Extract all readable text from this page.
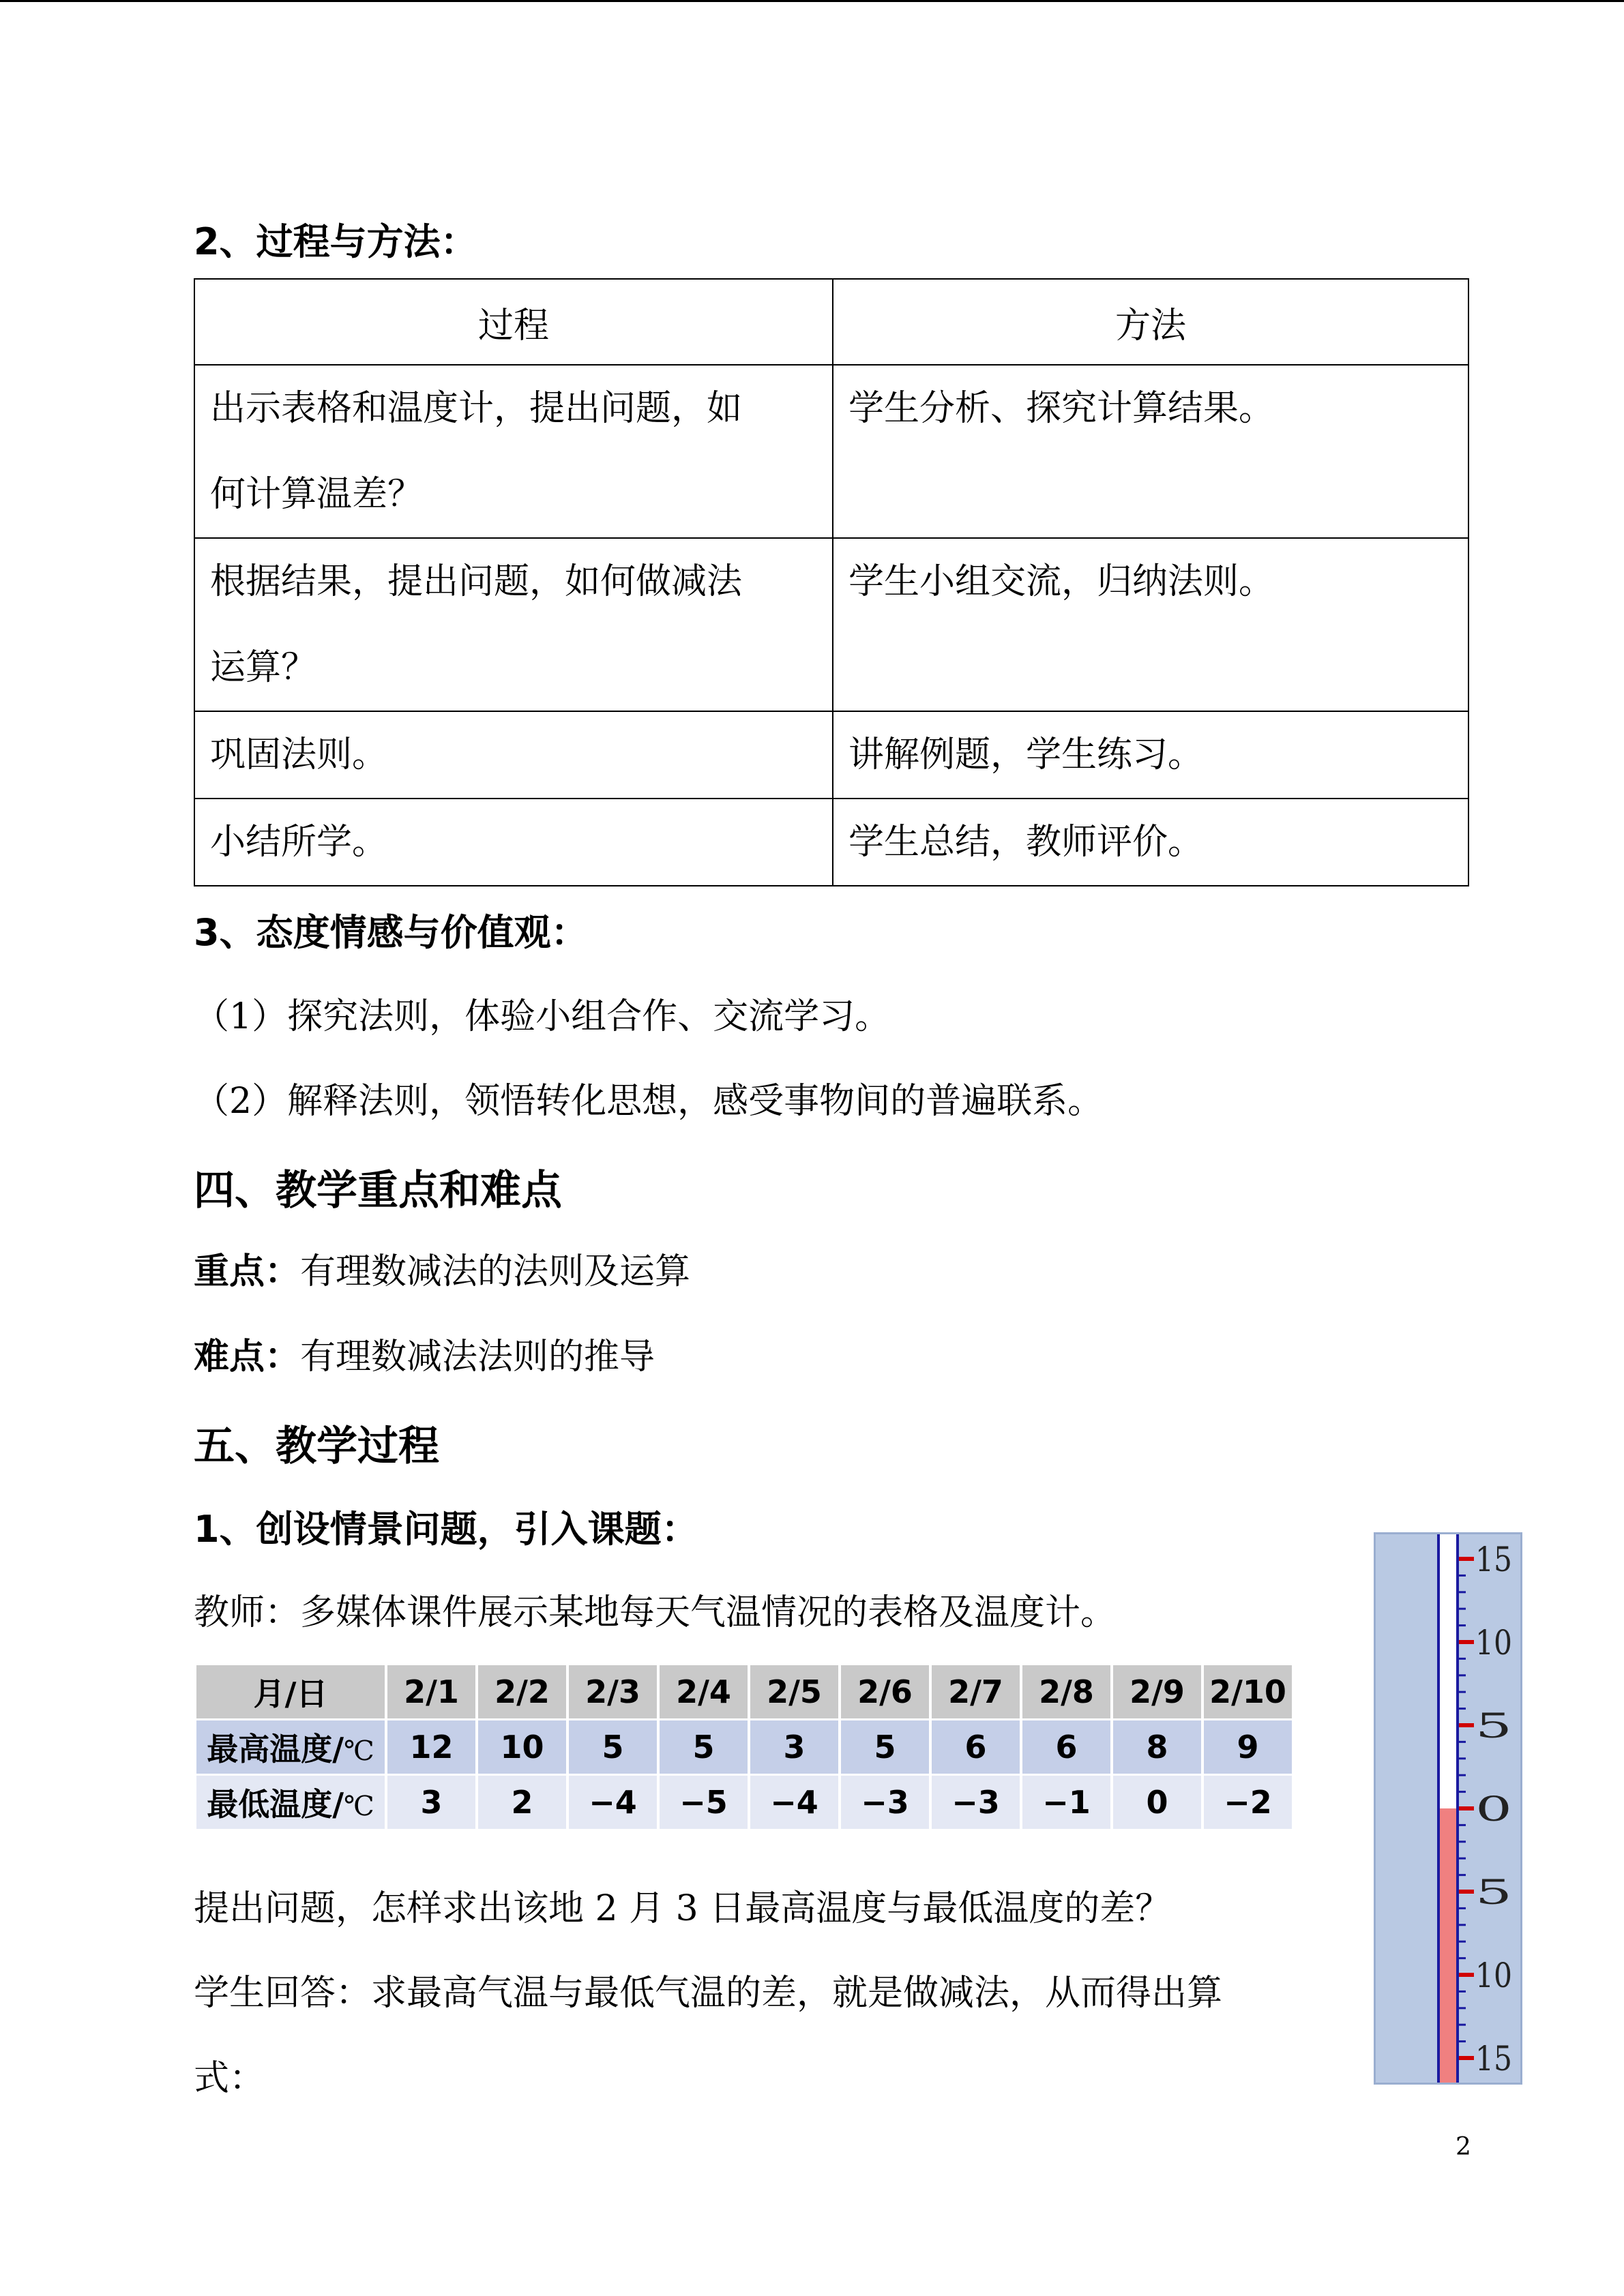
2、过程与方法：
过程	方法

出示表格和温度计，提出问题，如
何计算温差？	学生分析、探究计算结果。

根据结果，提出问题，如何做减法
运算？	学生小组交流，归纳法则。
巩固法则。	讲解例题，学生练习。
小结所学。	学生总结，教师评价。
3、态度情感与价值观：
（1）探究法则，体验小组合作、交流学习。
（2）解释法则，领悟转化思想，感受事物间的普遍联系。
四、教学重点和难点
重点：有理数减法的法则及运算
难点：有理数减法法则的推导
五、教学过程
1、创设情景问题，引入课题：
教师：多媒体课件展示某地每天气温情况的表格及温度计。
月/日	2/1	2/2	2/3	2/4	2/5	2/6	2/7	2/8	2/9	2/10
最高温度/℃	12	10	5	5	3	5	6	6	8	9
最低温度/℃	3	2	−4	−5	−4	−3	−3	−1	0	−2
15
10
5
0
5
10
15
提出问题，怎样求出该地 2 月 3 日最高温度与最低温度的差？
学生回答：求最高气温与最低气温的差，就是做减法，从而得出算
式：
2
